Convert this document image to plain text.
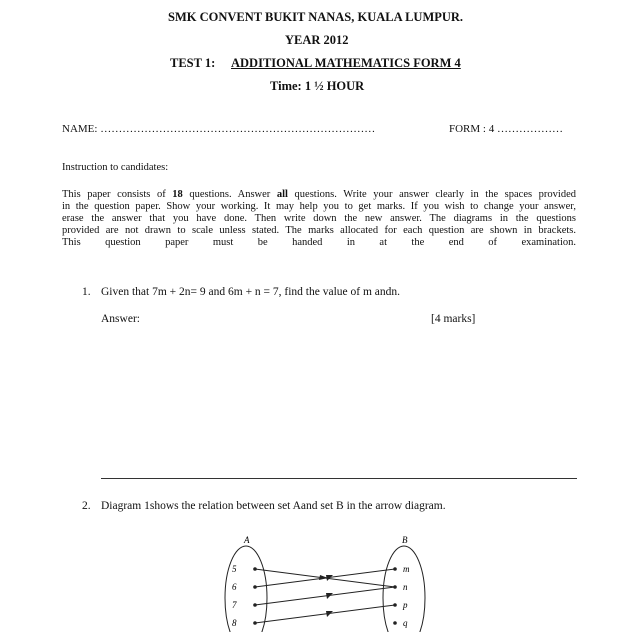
SMK CONVENT BUKIT NANAS, KUALA LUMPUR.
YEAR 2012
TEST 1: ADDITIONAL MATHEMATICS FORM 4
Time: 1 ½ HOUR
NAME: …………………………………………………………………	FORM : 4 ………………
Instruction to candidates:
This paper consists of 18 questions. Answer all questions. Write your answer clearly in the spaces provided
in the question paper. Show your working. It may help you to get marks. If you wish to change your answer,
erase the answer that you have done. Then write down the new answer. The diagrams in the questions
provided are not drawn to scale unless stated. The marks allocated for each question are shown in brackets.
This question paper must be handed in at the end of examination.
1. Given that 7m + 2n= 9 and 6m + n = 7, find the value of m andn.
Answer:	[4 marks]
2. Diagram 1shows the relation between set Aand set B in the arrow diagram.
A	B
5
6
7
8
m
n
p
q
